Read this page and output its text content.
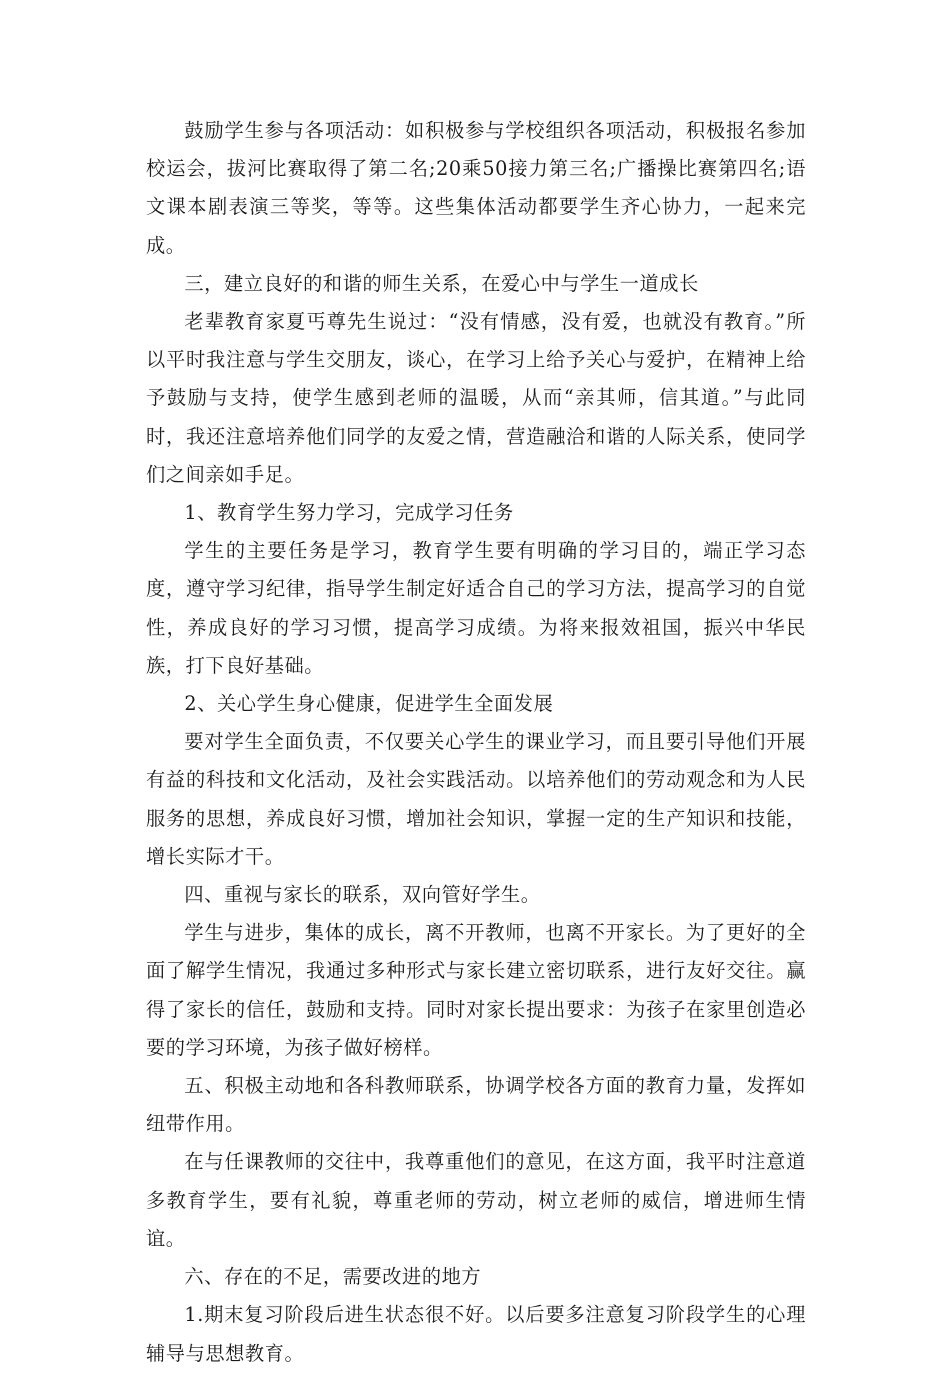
鼓励学生参与各项活动：如积极参与学校组织各项活动，积极报名参加校运会，拔河比赛取得了第二名;20乘50接力第三名;广播操比赛第四名;语文课本剧表演三等奖，等等。这些集体活动都要学生齐心协力，一起来完成。

三，建立良好的和谐的师生关系，在爱心中与学生一道成长

老辈教育家夏丐尊先生说过：“没有情感，没有爱，也就没有教育。”所以平时我注意与学生交朋友，谈心，在学习上给予关心与爱护，在精神上给予鼓励与支持，使学生感到老师的温暖，从而“亲其师，信其道。”与此同时，我还注意培养他们同学的友爱之情，营造融洽和谐的人际关系，使同学们之间亲如手足。

1、教育学生努力学习，完成学习任务

学生的主要任务是学习，教育学生要有明确的学习目的，端正学习态度，遵守学习纪律，指导学生制定好适合自己的学习方法，提高学习的自觉性，养成良好的学习习惯，提高学习成绩。为将来报效祖国，振兴中华民族，打下良好基础。

2、关心学生身心健康，促进学生全面发展

要对学生全面负责，不仅要关心学生的课业学习，而且要引导他们开展有益的科技和文化活动，及社会实践活动。以培养他们的劳动观念和为人民服务的思想，养成良好习惯，增加社会知识，掌握一定的生产知识和技能，增长实际才干。

四、重视与家长的联系，双向管好学生。

学生与进步，集体的成长，离不开教师，也离不开家长。为了更好的全面了解学生情况，我通过多种形式与家长建立密切联系，进行友好交往。赢得了家长的信任，鼓励和支持。同时对家长提出要求：为孩子在家里创造必要的学习环境，为孩子做好榜样。

五、积极主动地和各科教师联系，协调学校各方面的教育力量，发挥如纽带作用。

在与任课教师的交往中，我尊重他们的意见，在这方面，我平时注意道多教育学生，要有礼貌，尊重老师的劳动，树立老师的威信，增进师生情谊。

六、存在的不足，需要改进的地方

1.期末复习阶段后进生状态很不好。以后要多注意复习阶段学生的心理辅导与思想教育。
